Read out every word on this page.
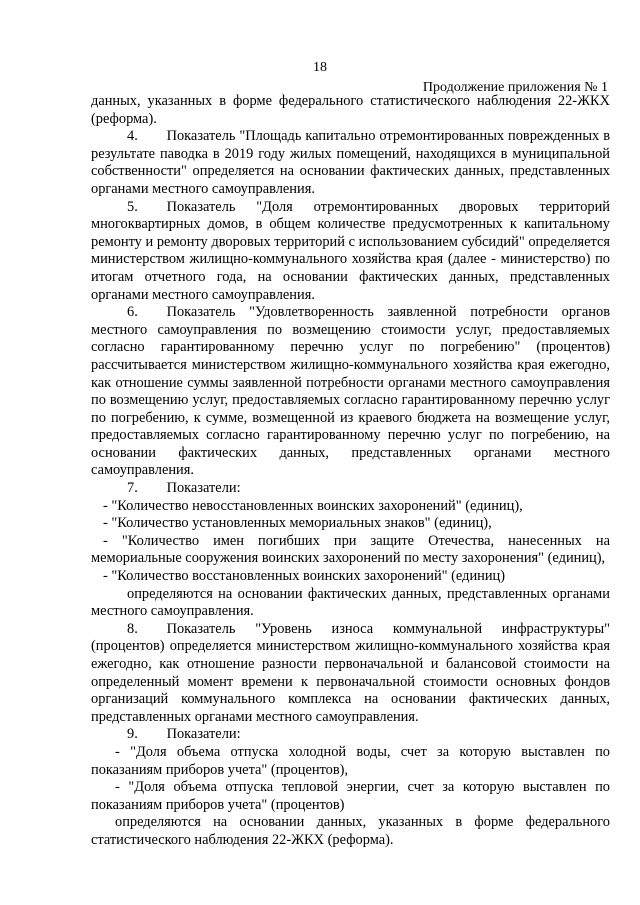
18
Продолжение приложения № 1

данных, указанных в форме федерального статистического наблюдения 22-ЖКХ (реформа).

4.  Показатель "Площадь капитально отремонтированных поврежденных в результате паводка в 2019 году жилых помещений, находящихся в муниципальной собственности" определяется на основании фактических данных, представленных органами местного самоуправления.

5.  Показатель "Доля отремонтированных дворовых территорий многоквартирных домов, в общем количестве предусмотренных к капитальному ремонту и ремонту дворовых территорий с использованием субсидий" определяется министерством жилищно-коммунального хозяйства края (далее - министерство) по итогам отчетного года, на основании фактических данных, представленных органами местного самоуправления.

6.  Показатель "Удовлетворенность заявленной потребности органов местного самоуправления по возмещению стоимости услуг, предоставляемых согласно гарантированному перечню услуг по погребению" (процентов) рассчитывается министерством жилищно-коммунального хозяйства края ежегодно, как отношение суммы заявленной потребности органами местного самоуправления по возмещению услуг, предоставляемых согласно гарантированному перечню услуг по погребению, к сумме, возмещенной из краевого бюджета на возмещение услуг, предоставляемых согласно гарантированному перечню услуг по погребению, на основании фактических данных, представленных органами местного самоуправления.

7.  Показатели:

- "Количество невосстановленных воинских захоронений" (единиц),

- "Количество установленных мемориальных знаков" (единиц),

- "Количество имен погибших при защите Отечества, нанесенных на мемориальные сооружения воинских захоронений по месту захоронения" (единиц),

- "Количество восстановленных воинских захоронений" (единиц)

определяются на основании фактических данных, представленных органами местного самоуправления.

8.  Показатель "Уровень износа коммунальной инфраструктуры" (процентов) определяется министерством жилищно-коммунального хозяйства края ежегодно, как отношение разности первоначальной и балансовой стоимости на определенный момент времени к первоначальной стоимости основных фондов организаций коммунального комплекса на основании фактических данных, представленных органами местного самоуправления.

9.  Показатели:

- "Доля объема отпуска холодной воды, счет за которую выставлен по показаниям приборов учета" (процентов),

- "Доля объема отпуска тепловой энергии, счет за которую выставлен по показаниям приборов учета" (процентов)

определяются на основании данных, указанных в форме федерального статистического наблюдения 22-ЖКХ (реформа).
